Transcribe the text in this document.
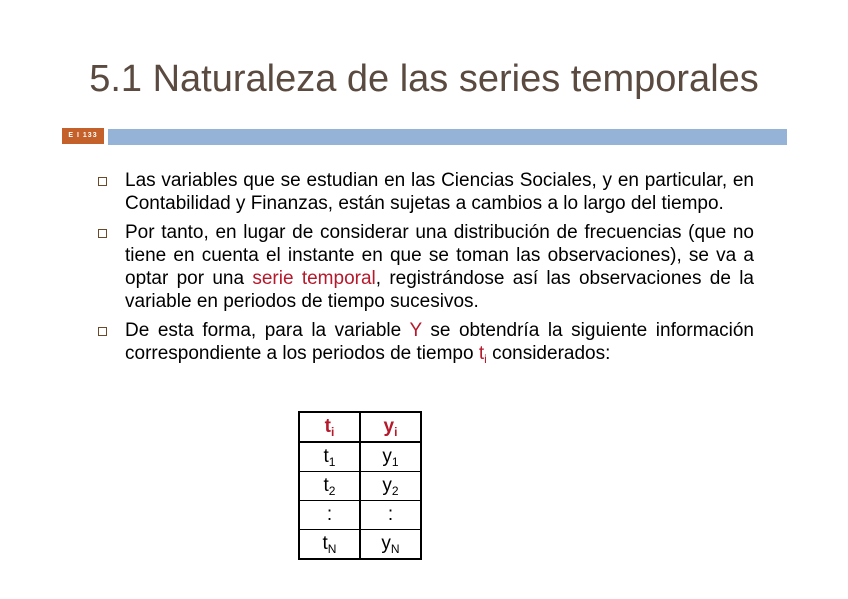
5.1 Naturaleza de las series temporales
E I 133
Las variables que se estudian en las Ciencias Sociales, y en particular, en Contabilidad y Finanzas, están sujetas a cambios a lo largo del tiempo.
Por tanto, en lugar de considerar una distribución de frecuencias (que no tiene en cuenta el instante en que se toman las observaciones), se va a optar por una serie temporal, registrándose así las observaciones de la variable en periodos de tiempo sucesivos.
De esta forma, para la variable Y se obtendría la siguiente información correspondiente a los periodos de tiempo $t_i$ considerados:
$t_i$	$y_i$
$t_1$	$y_1$
$t_2$	$y_2$
:	:
$t_N$	$y_N$
